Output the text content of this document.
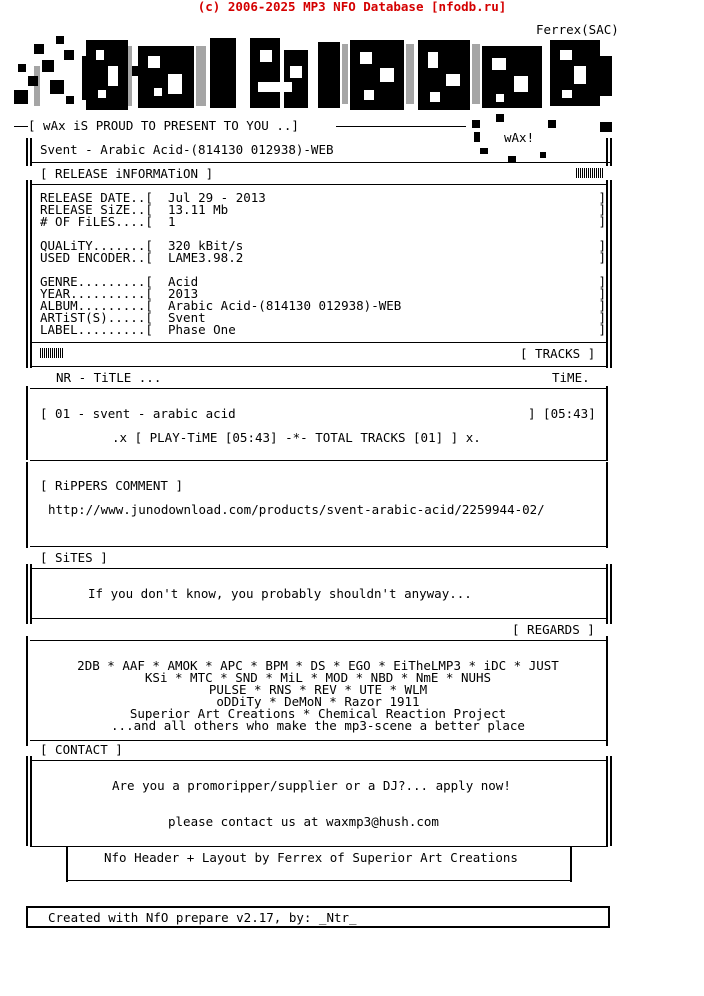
(c) 2006-2025 MP3 NFO Database [nfodb.ru]
Ferrex(SAC)
[ wAx iS PROUD TO PRESENT TO YOU ..]
wAx!
Svent - Arabic Acid-(814130 012938)-WEB
[ RELEASE iNFORMATiON ]
RELEASE DATE..[ Jul 29 - 2013	]
RELEASE SiZE..[ 13.11 Mb	]
# OF FiLES....[ 1	]
QUALiTY.......[ 320 kBit/s	]
USED ENCODER..[ LAME3.98.2	]
GENRE.........[ Acid	]
YEAR..........[ 2013	]
ALBUM.........[ Arabic Acid-(814130 012938)-WEB	]
ARTiST(S).....[ Svent	]
LABEL.........[ Phase One	]
[ TRACKS ]
NR - TiTLE ...	TiME.
[ 01 - svent - arabic acid	] [05:43]
.x [ PLAY-TiME [05:43] -*- TOTAL TRACKS [01] ] x.
[ RiPPERS COMMENT ]
http://www.junodownload.com/products/svent-arabic-acid/2259944-02/
[ SiTES ]
If you don't know, you probably shouldn't anyway...
[ REGARDS ]
2DB * AAF * AMOK * APC * BPM * DS * EGO * EiTheLMP3 * iDC * JUST
KSi * MTC * SND * MiL * MOD * NBD * NmE * NUHS
PULSE * RNS * REV * UTE * WLM
oDDiTy * DeMoN * Razor 1911
Superior Art Creations * Chemical Reaction Project
...and all others who make the mp3-scene a better place
[ CONTACT ]
Are you a promoripper/supplier or a DJ?... apply now!
please contact us at waxmp3@hush.com
Nfo Header + Layout by Ferrex of Superior Art Creations
Created with NfO prepare v2.17, by: _Ntr_
